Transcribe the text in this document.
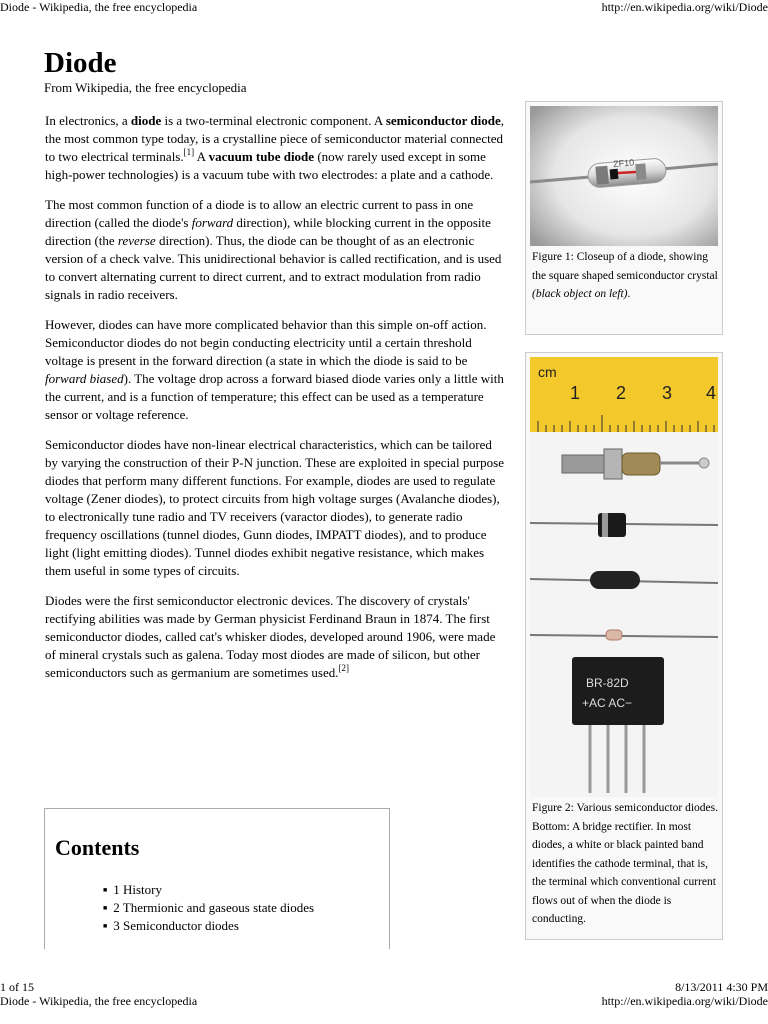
Diode - Wikipedia, the free encyclopedia	http://en.wikipedia.org/wiki/Diode
Diode
From Wikipedia, the free encyclopedia

In electronics, a diode is a two-terminal electronic component. A semiconductor diode, the most common type today, is a crystalline piece of semiconductor material connected to two electrical terminals.[1] A vacuum tube diode (now rarely used except in some high-power technologies) is a vacuum tube with two electrodes: a plate and a cathode.

The most common function of a diode is to allow an electric current to pass in one direction (called the diode's forward direction), while blocking current in the opposite direction (the reverse direction). Thus, the diode can be thought of as an electronic version of a check valve. This unidirectional behavior is called rectification, and is used to convert alternating current to direct current, and to extract modulation from radio signals in radio receivers.

However, diodes can have more complicated behavior than this simple on-off action. Semiconductor diodes do not begin conducting electricity until a certain threshold voltage is present in the forward direction (a state in which the diode is said to be forward biased). The voltage drop across a forward biased diode varies only a little with the current, and is a function of temperature; this effect can be used as a temperature sensor or voltage reference.

Semiconductor diodes have non-linear electrical characteristics, which can be tailored by varying the construction of their P-N junction. These are exploited in special purpose diodes that perform many different functions. For example, diodes are used to regulate voltage (Zener diodes), to protect circuits from high voltage surges (Avalanche diodes), to electronically tune radio and TV receivers (varactor diodes), to generate radio frequency oscillations (tunnel diodes, Gunn diodes, IMPATT diodes), and to produce light (light emitting diodes). Tunnel diodes exhibit negative resistance, which makes them useful in some types of circuits.

Diodes were the first semiconductor electronic devices. The discovery of crystals' rectifying abilities was made by German physicist Ferdinand Braun in 1874. The first semiconductor diodes, called cat's whisker diodes, developed around 1906, were made of mineral crystals such as galena. Today most diodes are made of silicon, but other semiconductors such as germanium are sometimes used.[2]

ZF10
Figure 1: Closeup of a diode, showing the square shaped semiconductor crystal (black object on left).
cm
1 2 3 4
BR-82D
+AC AC−
Figure 2: Various semiconductor diodes. Bottom: A bridge rectifier. In most diodes, a white or black painted band identifies the cathode terminal, that is, the terminal which conventional current flows out of when the diode is conducting.
Contents
■ 1 History
■ 2 Thermionic and gaseous state diodes
■ 3 Semiconductor diodes
1 of 15	8/13/2011 4:30 PM
Diode - Wikipedia, the free encyclopedia	http://en.wikipedia.org/wiki/Diode
